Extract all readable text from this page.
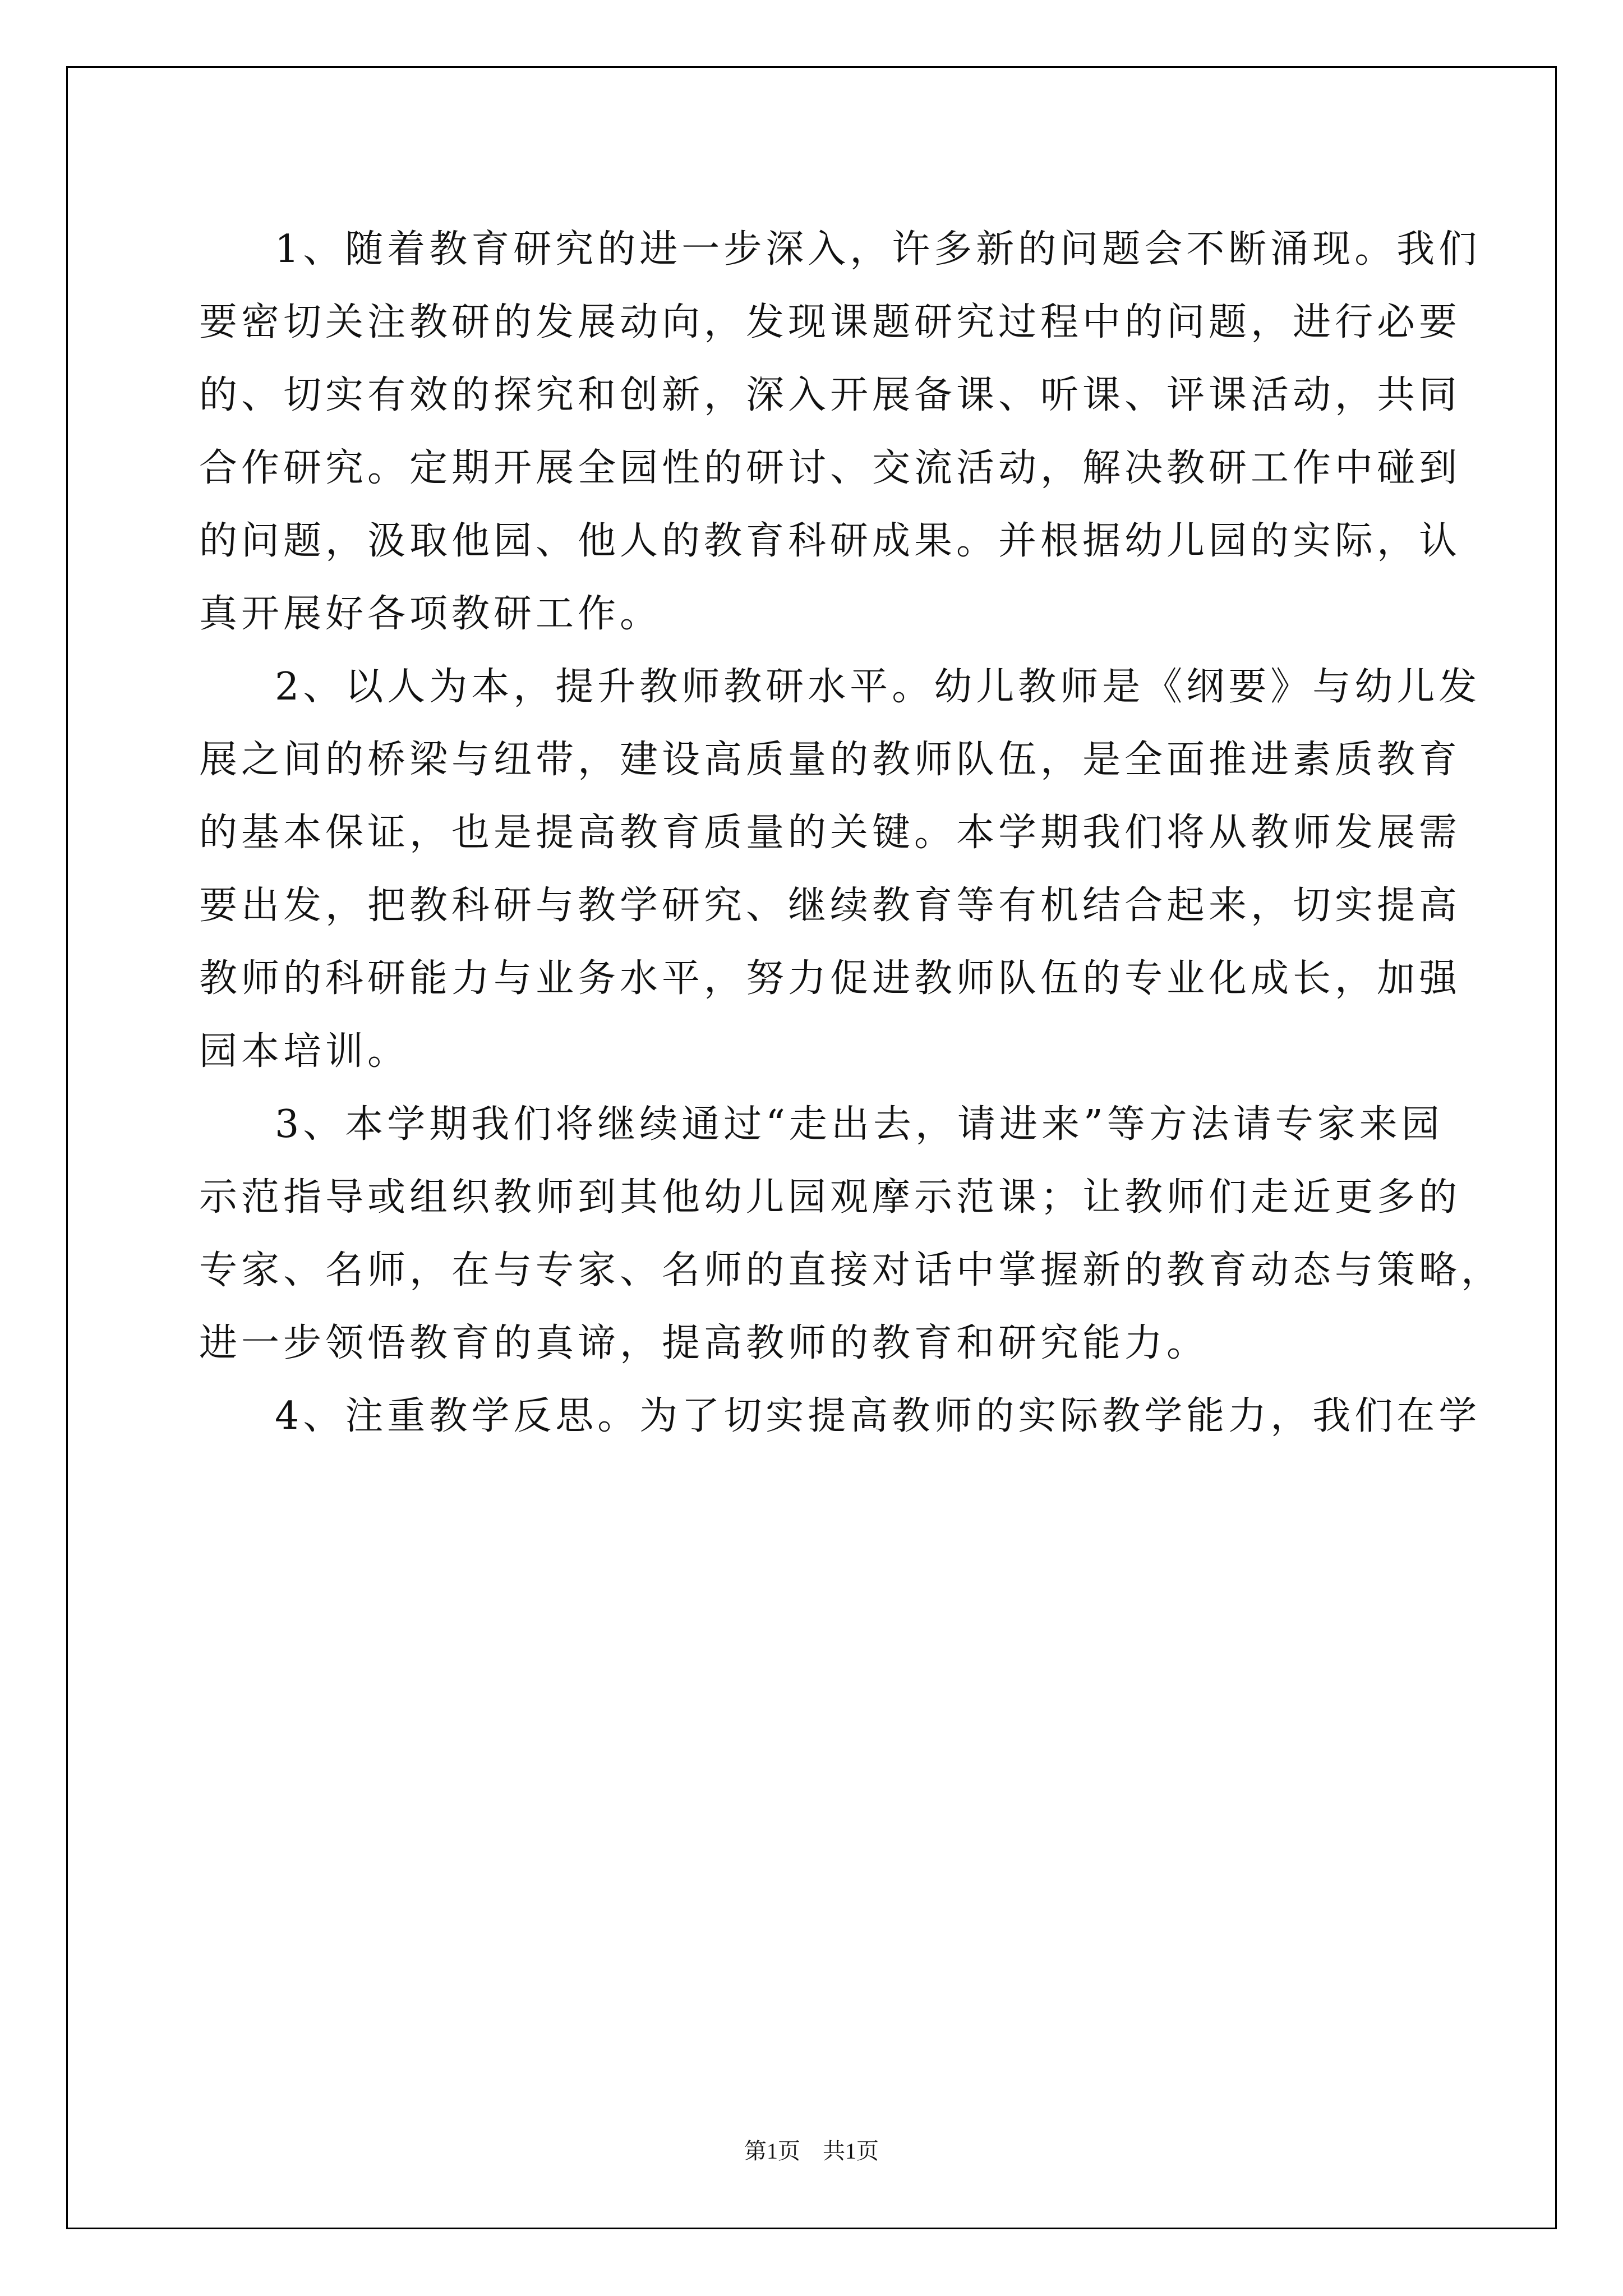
1、随着教育研究的进一步深入，许多新的问题会不断涌现。我们
要密切关注教研的发展动向，发现课题研究过程中的问题，进行必要
的、切实有效的探究和创新，深入开展备课、听课、评课活动，共同
合作研究。定期开展全园性的研讨、交流活动，解决教研工作中碰到
的问题，汲取他园、他人的教育科研成果。并根据幼儿园的实际，认
真开展好各项教研工作。
2、以人为本，提升教师教研水平。幼儿教师是《纲要》与幼儿发
展之间的桥梁与纽带，建设高质量的教师队伍，是全面推进素质教育
的基本保证，也是提高教育质量的关键。本学期我们将从教师发展需
要出发，把教科研与教学研究、继续教育等有机结合起来，切实提高
教师的科研能力与业务水平，努力促进教师队伍的专业化成长，加强
园本培训。
3、本学期我们将继续通过“走出去，请进来”等方法请专家来园
示范指导或组织教师到其他幼儿园观摩示范课；让教师们走近更多的
专家、名师，在与专家、名师的直接对话中掌握新的教育动态与策略，
进一步领悟教育的真谛，提高教师的教育和研究能力。
4、注重教学反思。为了切实提高教师的实际教学能力，我们在学
第1页　共1页
